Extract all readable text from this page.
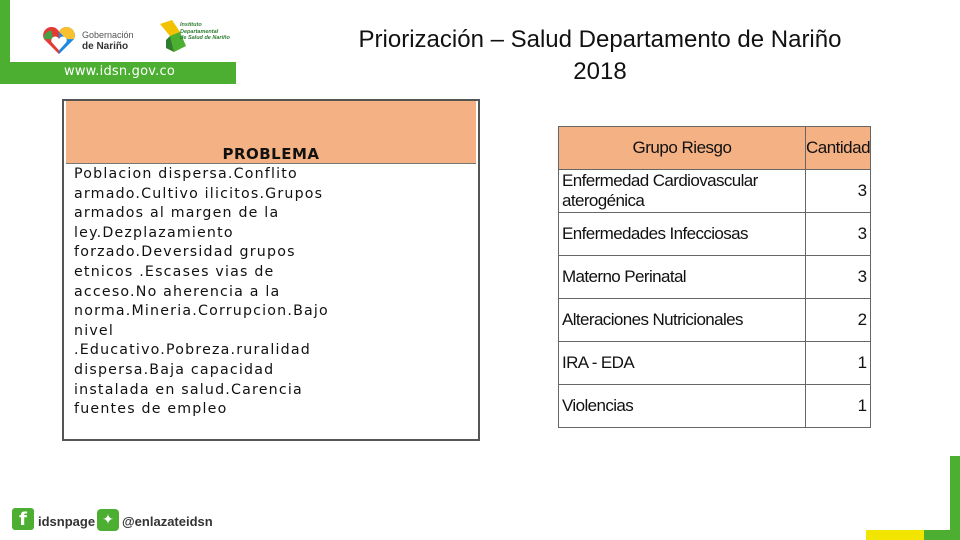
Gobernación
de Nariño
Instituto
Departamental
de Salud de Nariño
www.idsn.gov.co
Priorización – Salud Departamento de Nariño
2018
PROBLEMA
Poblacion dispersa.Conflito
armado.Cultivo ilicitos.Grupos
armados al margen de la
ley.Dezplazamiento
forzado.Deversidad grupos
etnicos .Escases vias de
acceso.No aherencia a la
norma.Mineria.Corrupcion.Bajo
nivel
.Educativo.Pobreza.ruralidad
dispersa.Baja capacidad
instalada en salud.Carencia
fuentes de empleo
Grupo Riesgo	Cantidad
Enfermedad Cardiovascular aterogénica	3
Enfermedades Infecciosas	3
Materno Perinatal	3
Alteraciones Nutricionales	2
IRA - EDA	1
Violencias	1
f idsnpage ✦ @enlazateidsn
